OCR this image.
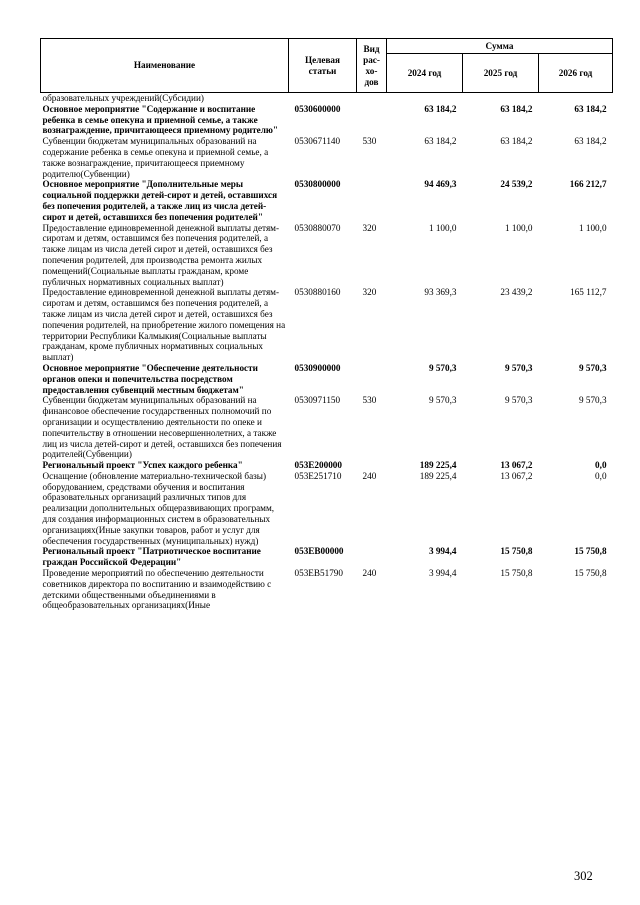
Наименование	Целевая статьи	Вид рас-хо-дов	Сумма		
			2024 год	2025 год	2026 год
образовательных учреждений(Субсидии)					
Основное мероприятие "Содержание и воспитание ребенка в семье опекуна и приемной семье, а также вознаграждение, причитающееся приемному родителю"	0530600000		63 184,2	63 184,2	63 184,2
Субвенции бюджетам муниципальных образований на содержание ребенка в семье опекуна и приемной семье, а также вознаграждение, причитающееся приемному родителю(Субвенции)	0530671140	530	63 184,2	63 184,2	63 184,2
Основное мероприятие "Дополнительные меры социальной поддержки детей-сирот и детей, оставшихся без попечения родителей, а также лиц из числа детей-сирот и детей, оставшихся без попечения родителей"	0530800000		94 469,3	24 539,2	166 212,7
Предоставление единовременной денежной выплаты детям-сиротам и детям, оставшимся без попечения родителей, а также лицам из числа детей сирот и детей, оставшихся без попечения родителей, для производства ремонта жилых помещений(Социальные выплаты гражданам, кроме публичных нормативных социальных выплат)	0530880070	320	1 100,0	1 100,0	1 100,0
Предоставление единовременной денежной выплаты детям-сиротам и детям, оставшимся без попечения родителей, а также лицам из числа детей сирот и детей, оставшихся без попечения родителей, на приобретение жилого помещения на территории Республики Калмыкия(Социальные выплаты гражданам, кроме публичных нормативных социальных выплат)	0530880160	320	93 369,3	23 439,2	165 112,7
Основное мероприятие "Обеспечение деятельности органов опеки и попечительства посредством предоставления субвенций местным бюджетам"	0530900000		9 570,3	9 570,3	9 570,3
Субвенции бюджетам муниципальных образований на финансовое обеспечение государственных полномочий по организации и осуществлению деятельности по опеке и попечительству в отношении несовершеннолетних, а также лиц из числа детей-сирот и детей, оставшихся без попечения родителей(Субвенции)	0530971150	530	9 570,3	9 570,3	9 570,3
Региональный проект "Успех каждого ребенка"	053E200000		189 225,4	13 067,2	0,0
Оснащение (обновление материально-технической базы) оборудованием, средствами обучения и воспитания образовательных организаций различных типов для реализации дополнительных общеразвивающих программ, для создания информационных систем в образовательных организациях(Иные закупки товаров, работ и услуг для обеспечения государственных (муниципальных) нужд)	053E251710	240	189 225,4	13 067,2	0,0
Региональный проект "Патриотическое воспитание граждан Российской Федерации"	053EВ00000		3 994,4	15 750,8	15 750,8
Проведение мероприятий по обеспечению деятельности советников директора по воспитанию и взаимодействию с детскими общественными объединениями в общеобразовательных организациях(Иные	053EВ51790	240	3 994,4	15 750,8	15 750,8
302
